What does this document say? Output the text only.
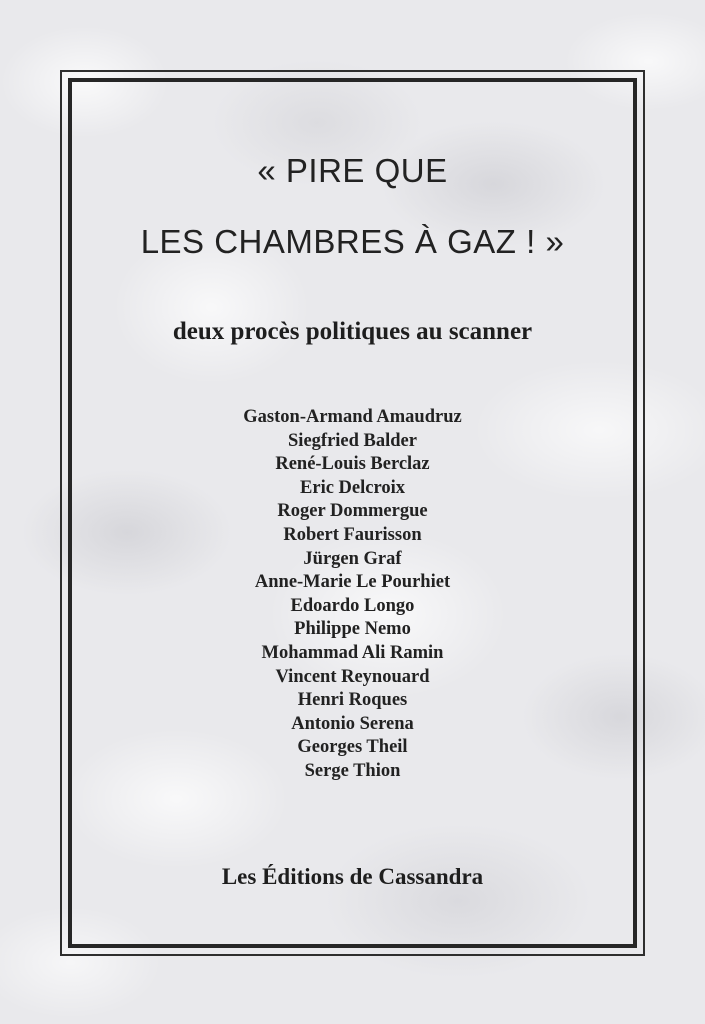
« PIRE QUE
LES CHAMBRES À GAZ ! »
deux procès politiques au scanner
Gaston-Armand Amaudruz
Siegfried Balder
René-Louis Berclaz
Eric Delcroix
Roger Dommergue
Robert Faurisson
Jürgen Graf
Anne-Marie Le Pourhiet
Edoardo Longo
Philippe Nemo
Mohammad Ali Ramin
Vincent Reynouard
Henri Roques
Antonio Serena
Georges Theil
Serge Thion
Les Éditions de Cassandra
